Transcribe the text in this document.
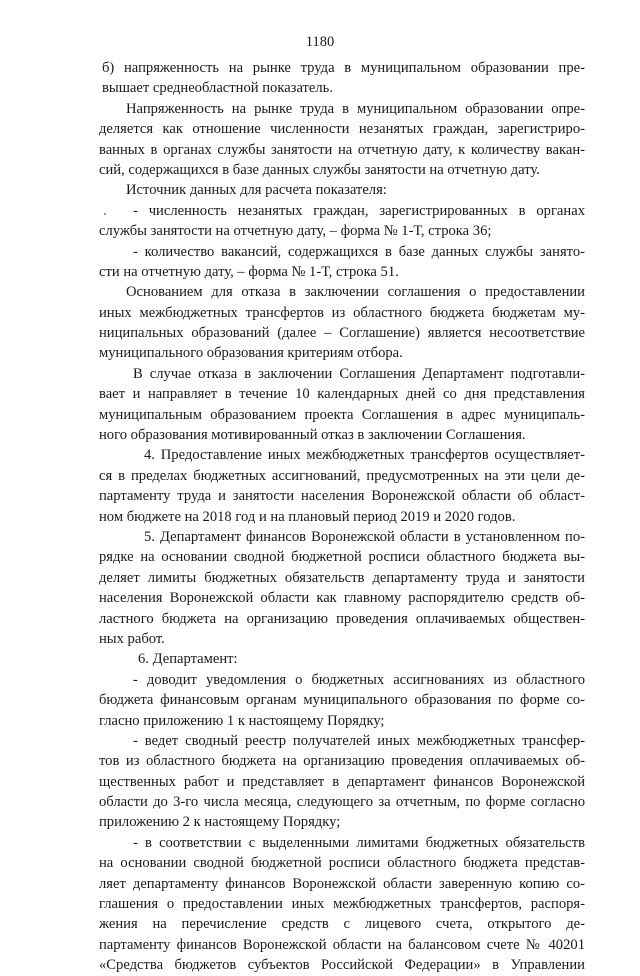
1180
б) напряженность на рынке труда в муниципальном образовании пре-
вышает среднеобластной показатель.
Напряженность на рынке труда в муниципальном образовании опре-
деляется как отношение численности незанятых граждан, зарегистриро-
ванных в органах службы занятости на отчетную дату, к количеству вакан-
сий, содержащихся в базе данных службы занятости на отчетную дату.
Источник данных для расчета показателя:
- численность незанятых граждан, зарегистрированных в органах
службы занятости на отчетную дату, – форма № 1-Т, строка 36;
- количество вакансий, содержащихся в базе данных службы занято-
сти на отчетную дату, – форма № 1-Т, строка 51.
Основанием для отказа в заключении соглашения о предоставлении
иных межбюджетных трансфертов из областного бюджета бюджетам му-
ниципальных образований (далее – Соглашение) является несоответствие
муниципального образования критериям отбора.
В случае отказа в заключении Соглашения Департамент подготавли-
вает и направляет в течение 10 календарных дней со дня представления
муниципальным образованием проекта Соглашения в адрес муниципаль-
ного образования мотивированный отказ в заключении Соглашения.
4. Предоставление иных межбюджетных трансфертов осуществляет-
ся в пределах бюджетных ассигнований, предусмотренных на эти цели де-
партаменту труда и занятости населения Воронежской области об област-
ном бюджете на 2018 год и на плановый период 2019 и 2020 годов.
5. Департамент финансов Воронежской области в установленном по-
рядке на основании сводной бюджетной росписи областного бюджета вы-
деляет лимиты бюджетных обязательств департаменту труда и занятости
населения Воронежской области как главному распорядителю средств об-
ластного бюджета на организацию проведения оплачиваемых обществен-
ных работ.
6. Департамент:
- доводит уведомления о бюджетных ассигнованиях из областного
бюджета финансовым органам муниципального образования по форме со-
гласно приложению 1 к настоящему Порядку;
- ведет сводный реестр получателей иных межбюджетных трансфер-
тов из областного бюджета на организацию проведения оплачиваемых об-
щественных работ и представляет в департамент финансов Воронежской
области до 3-го числа месяца, следующего за отчетным, по форме согласно
приложению 2 к настоящему Порядку;
- в соответствии с выделенными лимитами бюджетных обязательств
на основании сводной бюджетной росписи областного бюджета представ-
ляет департаменту финансов Воронежской области заверенную копию со-
глашения о предоставлении иных межбюджетных трансфертов, распоря-
жения на перечисление средств с лицевого счета, открытого де-
партаменту финансов Воронежской области на балансовом счете № 40201
«Средства бюджетов субъектов Российской Федерации» в Управлении
